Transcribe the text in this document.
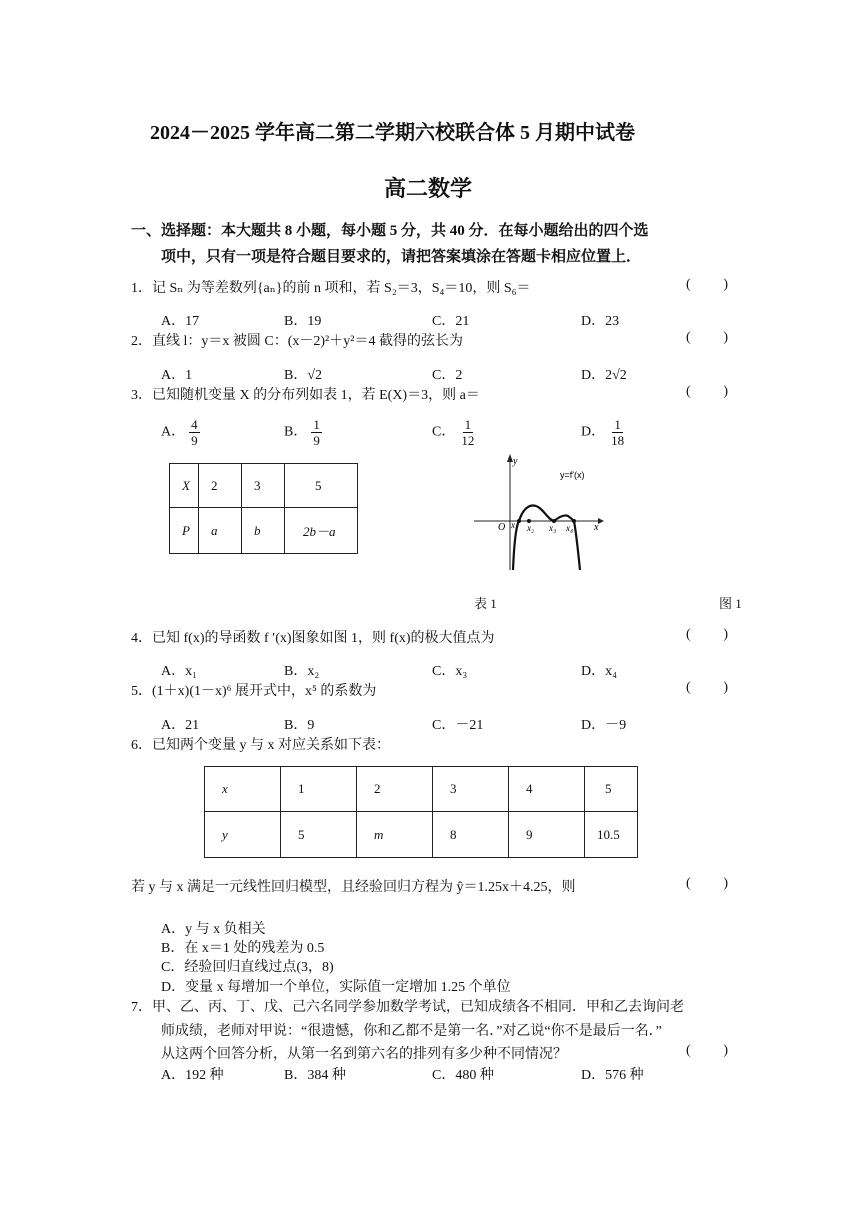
2024－2025 学年高二第二学期六校联合体 5 月期中试卷
高二数学
一、选择题：本大题共 8 小题，每小题 5 分，共 40 分．在每小题给出的四个选
项中，只有一项是符合题目要求的，请把答案填涂在答题卡相应位置上．
1．记 Sₙ 为等差数列{aₙ}的前 n 项和，若 S₂＝3，S₄＝10，则 S₆＝	( )
A．17	B．19	C．21	D．23
2．直线 l：y＝x 被圆 C：(x－2)²＋y²＝4 截得的弦长为	( )
A．1	B．√2	C．2	D．2√2
3．已知随机变量 X 的分布列如表 1，若 E(X)＝3，则 a＝	( )
A． $\frac{4}{9}$	B． $\frac{1}{9}$	C． $\frac{1}{12}$	D． $\frac{1}{18}$
X	2	3	5
P	a	b	2b－a
y
x
O
y=f′(x)
x₁ x₂ x₃ x₄
表 1	图 1
4．已知 f(x)的导函数 f ′(x)图象如图 1，则 f(x)的极大值点为	( )
A．x₁	B．x₂	C．x₃	D．x₄
5．(1＋x)(1－x)⁶ 展开式中，x⁵ 的系数为	( )
A．21	B．9	C．－21	D．－9
6．已知两个变量 y 与 x 对应关系如下表：
x	1	2	3	4	5
y	5	m	8	9	10.5
若 y 与 x 满足一元线性回归模型，且经验回归方程为 ŷ＝1.25x＋4.25，则	( )
A．y 与 x 负相关
B．在 x＝1 处的残差为 0.5
C．经验回归直线过点(3，8)
D．变量 x 每增加一个单位，实际值一定增加 1.25 个单位
7．甲、乙、丙、丁、戊、己六名同学参加数学考试，已知成绩各不相同．甲和乙去询问老
师成绩，老师对甲说：“很遗憾，你和乙都不是第一名．”对乙说“你不是最后一名．”
从这两个回答分析，从第一名到第六名的排列有多少种不同情况？	( )
A．192 种	B．384 种	C．480 种	D．576 种
